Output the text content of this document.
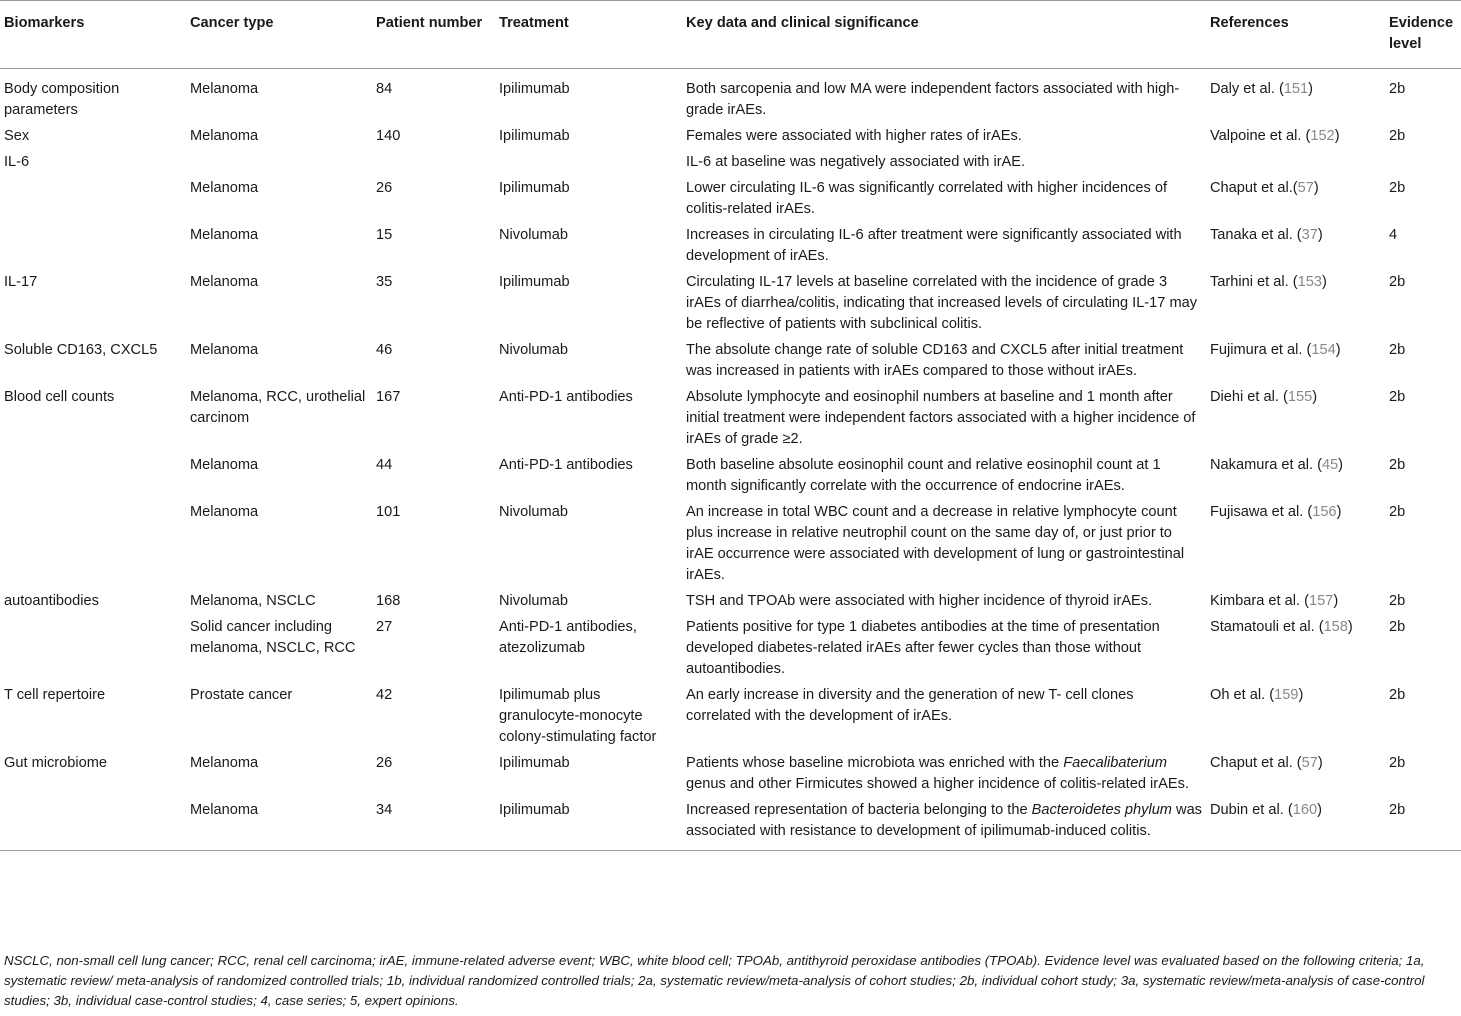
Biomarkers	Cancer type	Patient number	Treatment	Key data and clinical significance	References	Evidence level
Body composition parameters	Melanoma	84	Ipilimumab	Both sarcopenia and low MA were independent factors associated with high-grade irAEs.	Daly et al. (151)	2b
Sex	Melanoma	140	Ipilimumab	Females were associated with higher rates of irAEs.	Valpoine et al. (152)	2b
IL-6				IL-6 at baseline was negatively associated with irAE.		
	Melanoma	26	Ipilimumab	Lower circulating IL-6 was significantly correlated with higher incidences of colitis-related irAEs.	Chaput et al.(57)	2b
	Melanoma	15	Nivolumab	Increases in circulating IL-6 after treatment were significantly associated with development of irAEs.	Tanaka et al. (37)	4
IL-17	Melanoma	35	Ipilimumab	Circulating IL-17 levels at baseline correlated with the incidence of grade 3 irAEs of diarrhea/colitis, indicating that increased levels of circulating IL-17 may be reflective of patients with subclinical colitis.	Tarhini et al. (153)	2b
Soluble CD163, CXCL5	Melanoma	46	Nivolumab	The absolute change rate of soluble CD163 and CXCL5 after initial treatment was increased in patients with irAEs compared to those without irAEs.	Fujimura et al. (154)	2b
Blood cell counts	Melanoma, RCC, urothelial carcinom	167	Anti-PD-1 antibodies	Absolute lymphocyte and eosinophil numbers at baseline and 1 month after initial treatment were independent factors associated with a higher incidence of irAEs of grade ≥2.	Diehi et al. (155)	2b
	Melanoma	44	Anti-PD-1 antibodies	Both baseline absolute eosinophil count and relative eosinophil count at 1 month significantly correlate with the occurrence of endocrine irAEs.	Nakamura et al. (45)	2b
	Melanoma	101	Nivolumab	An increase in total WBC count and a decrease in relative lymphocyte count plus increase in relative neutrophil count on the same day of, or just prior to irAE occurrence were associated with development of lung or gastrointestinal irAEs.	Fujisawa et al. (156)	2b
autoantibodies	Melanoma, NSCLC	168	Nivolumab	TSH and TPOAb were associated with higher incidence of thyroid irAEs.	Kimbara et al. (157)	2b
	Solid cancer including melanoma, NSCLC, RCC	27	Anti-PD-1 antibodies, atezolizumab	Patients positive for type 1 diabetes antibodies at the time of presentation developed diabetes-related irAEs after fewer cycles than those without autoantibodies.	Stamatouli et al. (158)	2b
T cell repertoire	Prostate cancer	42	Ipilimumab plus granulocyte-monocyte colony-stimulating factor	An early increase in diversity and the generation of new T- cell clones correlated with the development of irAEs.	Oh et al. (159)	2b
Gut microbiome	Melanoma	26	Ipilimumab	Patients whose baseline microbiota was enriched with the Faecalibaterium genus and other Firmicutes showed a higher incidence of colitis-related irAEs.	Chaput et al. (57)	2b
	Melanoma	34	Ipilimumab	Increased representation of bacteria belonging to the Bacteroidetes phylum was associated with resistance to development of ipilimumab-induced colitis.	Dubin et al. (160)	2b
NSCLC, non-small cell lung cancer; RCC, renal cell carcinoma; irAE, immune-related adverse event; WBC, white blood cell; TPOAb, antithyroid peroxidase antibodies (TPOAb). Evidence level was evaluated based on the following criteria; 1a, systematic review/ meta-analysis of randomized controlled trials; 1b, individual randomized controlled trials; 2a, systematic review/meta-analysis of cohort studies; 2b, individual cohort study; 3a, systematic review/meta-analysis of case-control studies; 3b, individual case-control studies; 4, case series; 5, expert opinions.
